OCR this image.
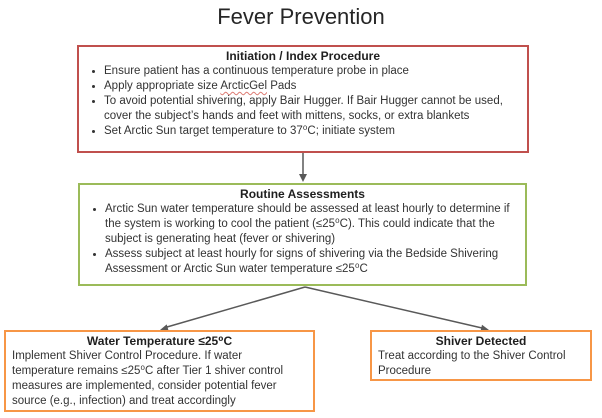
Fever Prevention

Initiation / Index Procedure

• Ensure patient has a continuous temperature probe in place
• Apply appropriate size ArcticGel Pads
• To avoid potential shivering, apply Bair Hugger. If Bair Hugger cannot be used, cover the subject’s hands and feet with mittens, socks, or extra blankets
• Set Arctic Sun target temperature to 37⁰C; initiate system

Routine Assessments

• Arctic Sun water temperature should be assessed at least hourly to determine if the system is working to cool the patient (≤25⁰C). This could indicate that the subject is generating heat (fever or shivering)
• Assess subject at least hourly for signs of shivering via the Bedside Shivering Assessment or Arctic Sun water temperature ≤25⁰C

Water Temperature ≤25⁰C

Implement Shiver Control Procedure. If water temperature remains ≤25⁰C after Tier 1 shiver control measures are implemented, consider potential fever source (e.g., infection) and treat accordingly

Shiver Detected

Treat according to the Shiver Control Procedure
